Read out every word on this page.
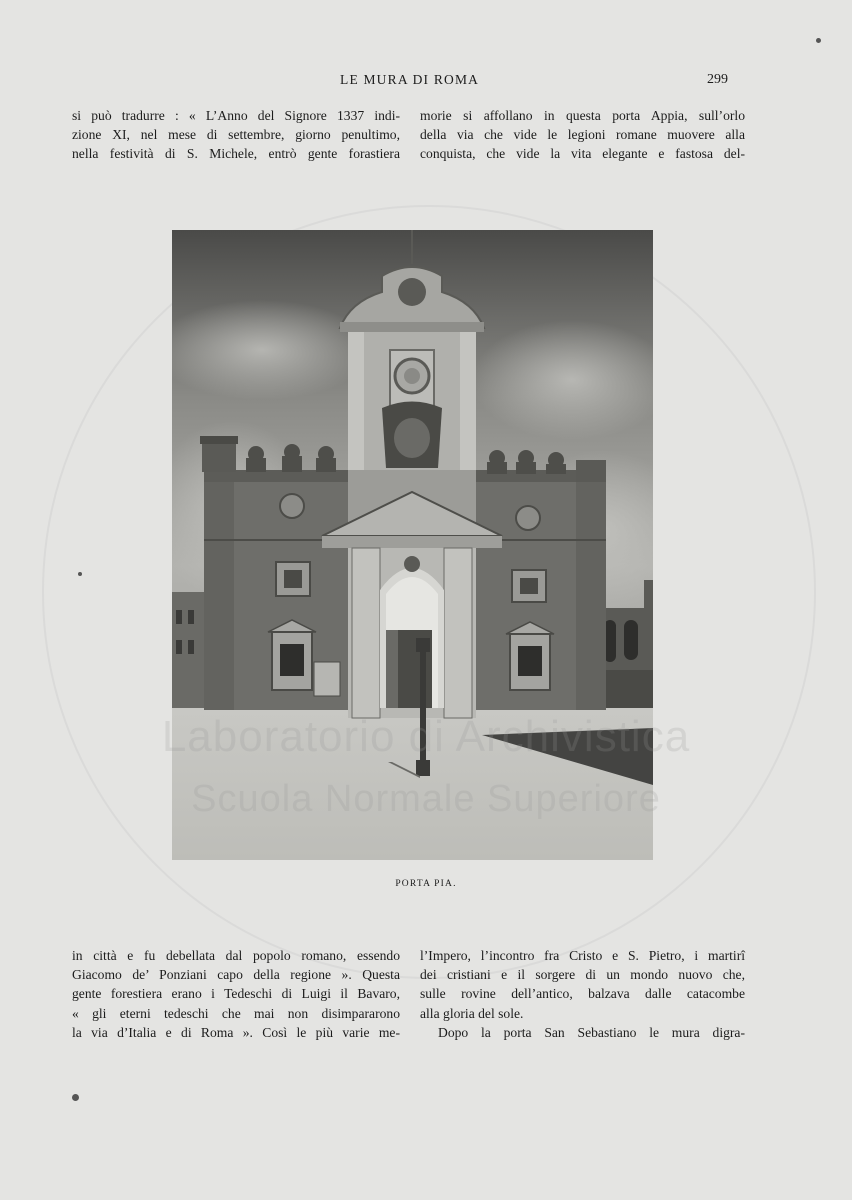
LE MURA DI ROMA	299
si può tradurre : « L’Anno del Signore 1337 indi-
zione XI, nel mese di settembre, giorno penultimo,
nella festività di S. Michele, entrò gente forastiera
morie si affollano in questa porta Appia, sull’orlo
della via che vide le legioni romane muovere alla
conquista, che vide la vita elegante e fastosa del-
PORTA PIA.
in città e fu debellata dal popolo romano, essendo
Giacomo de’ Ponziani capo della regione ». Questa
gente forestiera erano i Tedeschi di Luigi il Bavaro,
« gli eterni tedeschi che mai non disimpararono
la via d’Italia e di Roma ». Così le più varie me-
l’Impero, l’incontro fra Cristo e S. Pietro, i martirî
dei cristiani e il sorgere di un mondo nuovo che,
sulle rovine dell’antico, balzava dalle catacombe
alla gloria del sole.
Dopo la porta San Sebastiano le mura digra-
Laboratorio di Archivistica
Scuola Normale Superiore
